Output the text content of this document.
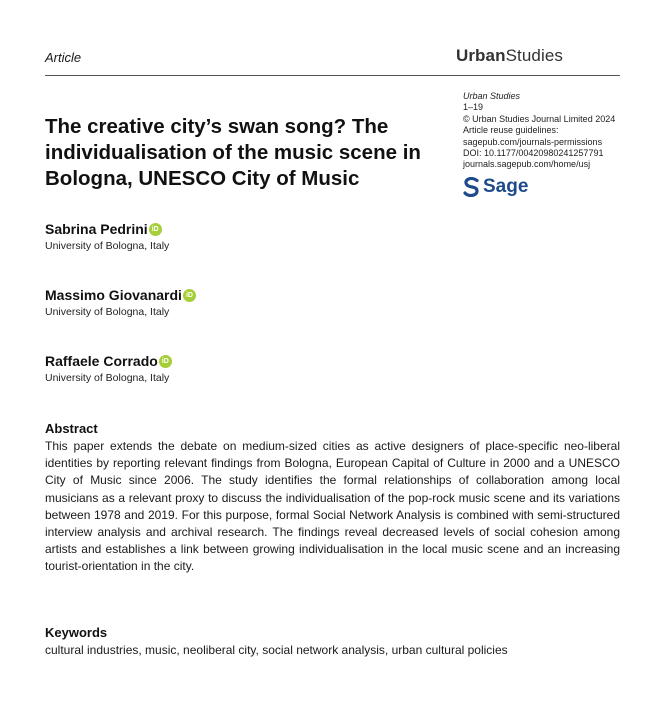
Article	UrbanStudies
The creative city’s swan song? The individualisation of the music scene in Bologna, UNESCO City of Music
Urban Studies
1–19
© Urban Studies Journal Limited 2024
Article reuse guidelines:
sagepub.com/journals-permissions
DOI: 10.1177/00420980241257791
journals.sagepub.com/home/usj
Sage
Sabrina Pedrini iD
University of Bologna, Italy
Massimo Giovanardi iD
University of Bologna, Italy
Raffaele Corrado iD
University of Bologna, Italy
Abstract
This paper extends the debate on medium-sized cities as active designers of place-specific neo-liberal identities by reporting relevant findings from Bologna, European Capital of Culture in 2000 and a UNESCO City of Music since 2006. The study identifies the formal relationships of collaboration among local musicians as a relevant proxy to discuss the individualisation of the pop-rock music scene and its variations between 1978 and 2019. For this purpose, formal Social Network Analysis is combined with semi-structured interview analysis and archival research. The findings reveal decreased levels of social cohesion among artists and establishes a link between growing individualisation in the local music scene and an increasing tourist-orientation in the city.
Keywords
cultural industries, music, neoliberal city, social network analysis, urban cultural policies
